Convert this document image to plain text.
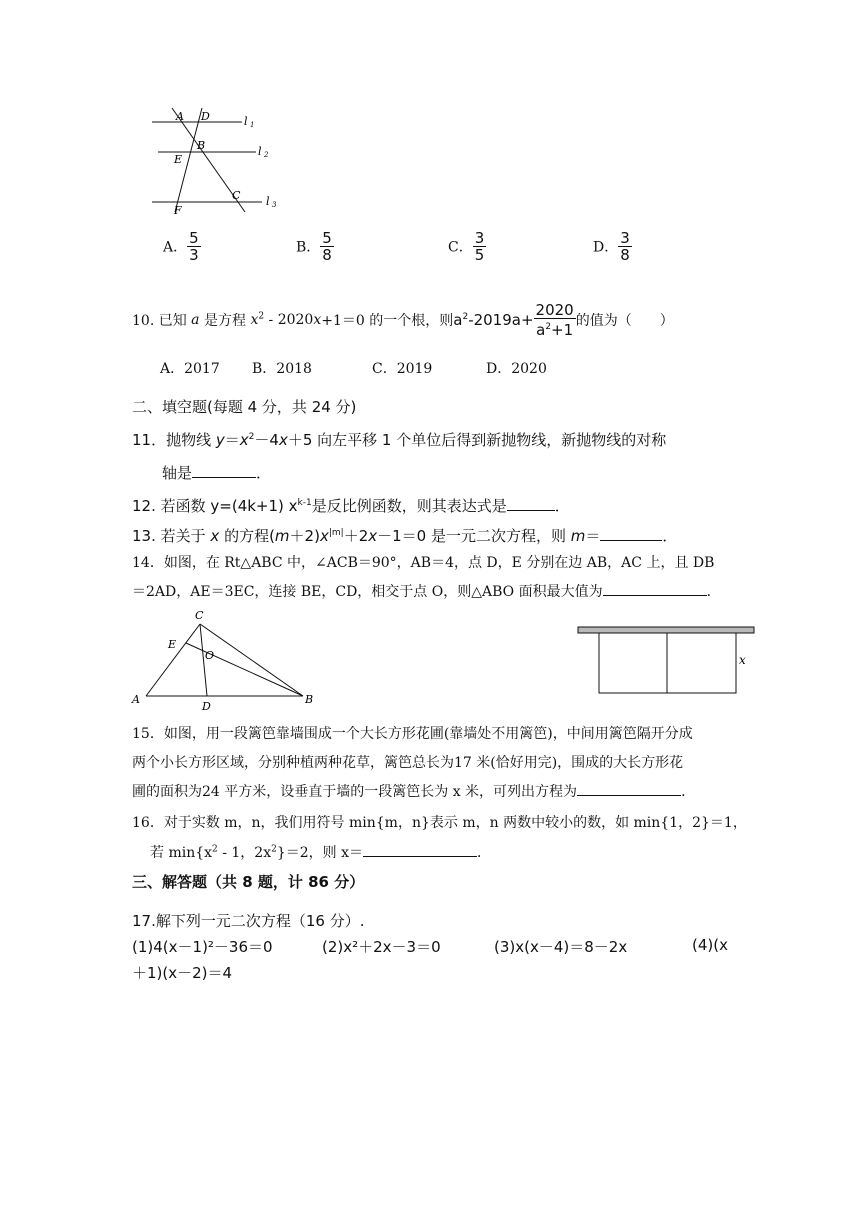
A D
B
E
C
F
l 1
l 2
l 3
A． $\frac{5}{3}$	B． $\frac{5}{8}$	C． $\frac{3}{5}$	D． $\frac{3}{8}$
10. 已知 a 是方程 $x^2 - 2020x+1=0$ 的一个根，则$a^2-2019a+ \frac{2020}{a^2+1}$ 的值为（　　）
A．2017 B．2018	C．2019	D．2020
二、填空题(每题 4 分，共 24 分)
11．抛物线 $y=x^2-4x+5$ 向左平移 1 个单位后得到新抛物线，新抛物线的对称
轴是	．
12. 若函数 y=(4k+1) $x^{k-1}$是反比例函数，则其表达式是	．
13. 若关于 x 的方程$(m+2)x^{|m|}+2x-1=0$ 是一元二次方程，则 m＝	．
14．如图，在 Rt△ABC 中，∠ACB＝90°，AB＝4，点 D，E 分别在边 AB，AC 上，且 DB
＝2AD，AE＝3EC，连接 BE，CD，相交于点 O，则△ABO 面积最大值为	．
C
E
O
A
D
B
x
15．如图，用一段篱笆靠墙围成一个大长方形花圃(靠墙处不用篱笆)，中间用篱笆隔开分成
两个小长方形区域，分别种植两种花草，篱笆总长为17 米(恰好用完)，围成的大长方形花
圃的面积为24 平方米，设垂直于墙的一段篱笆长为 x 米，可列出方程为	．
16．对于实数 m，n，我们用符号 min{m，n}表示 m，n 两数中较小的数，如 min{1，2}＝1，
若 $\min\{x^2 - 1$，$2x^2\}=2$，则 x＝	．
三、解答题（共 8 题，计 86 分）
17.解下列一元二次方程（16 分）.
(1)4(x－1)²－36＝0	(2)x²＋2x－3＝0	(3)x(x－4)＝8－2x	(4)(x
＋1)(x－2)＝4
